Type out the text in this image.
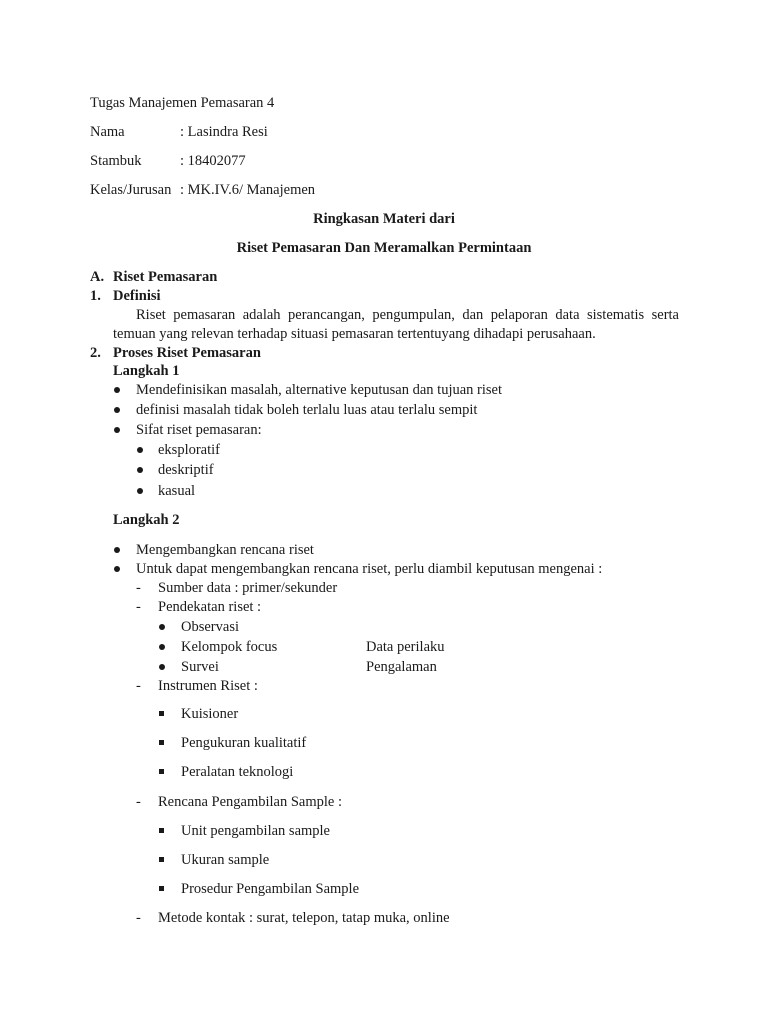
Tugas Manajemen Pemasaran 4
Nama	: Lasindra Resi
Stambuk	: 18402077
Kelas/Jurusan : MK.IV.6/ Manajemen
Ringkasan Materi dari
Riset Pemasaran Dan Meramalkan Permintaan
A. Riset Pemasaran
1. Definisi
Riset pemasaran adalah perancangan, pengumpulan, dan pelaporan data sistematis serta
temuan yang relevan terhadap situasi pemasaran tertentuyang dihadapi perusahaan.
2. Proses Riset Pemasaran
Langkah 1
Mendefinisikan masalah, alternative keputusan dan tujuan riset
definisi masalah tidak boleh terlalu luas atau terlalu sempit
Sifat riset pemasaran:
eksploratif
deskriptif
kasual
Langkah 2
Mengembangkan rencana riset
Untuk dapat mengembangkan rencana riset, perlu diambil keputusan mengenai :
- Sumber data : primer/sekunder
- Pendekatan riset :
Observasi
Kelompok focus	Data perilaku
Survei	Pengalaman
- Instrumen Riset :
Kuisioner
Pengukuran kualitatif
Peralatan teknologi
- Rencana Pengambilan Sample :
Unit pengambilan sample
Ukuran sample
Prosedur Pengambilan Sample
- Metode kontak : surat, telepon, tatap muka, online
